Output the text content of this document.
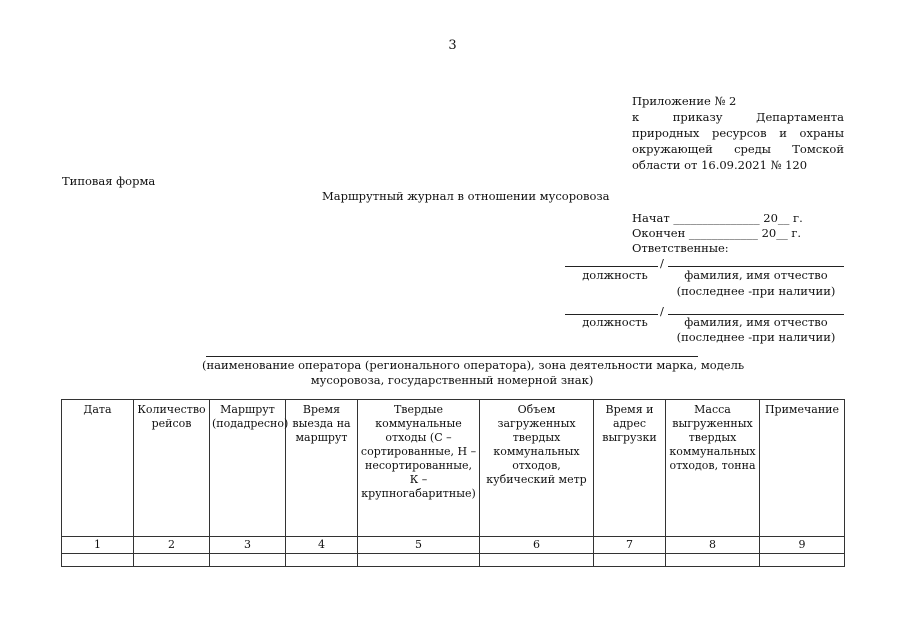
3
Приложение № 2
к приказу Департамента
природных ресурсов и охраны
окружающей среды Томской
области от 16.09.2021 № 120
Типовая форма
Маршрутный журнал в отношении мусоровоза
Начат _______________ 20__ г.
Окончен ____________ 20__ г.
Ответственные:
/
должность	фамилия, имя отчество
(последнее -при наличии)
/
должность	фамилия, имя отчество
(последнее -при наличии)
(наименование оператора (регионального оператора), зона деятельности марка, модель
мусоровоза, государственный номерной знак)
Дата	Количество рейсов	Маршрут (подадресно)	Время выезда на маршрут	Твердые коммунальные отходы (С – сортированные, Н – несортированные, К – крупногабаритные)	Объем загруженных твердых коммунальных отходов, кубический метр	Время и адрес выгрузки	Масса выгруженных твердых коммунальных отходов, тонна	Примечание
1	2	3	4	5	6	7	8	9
